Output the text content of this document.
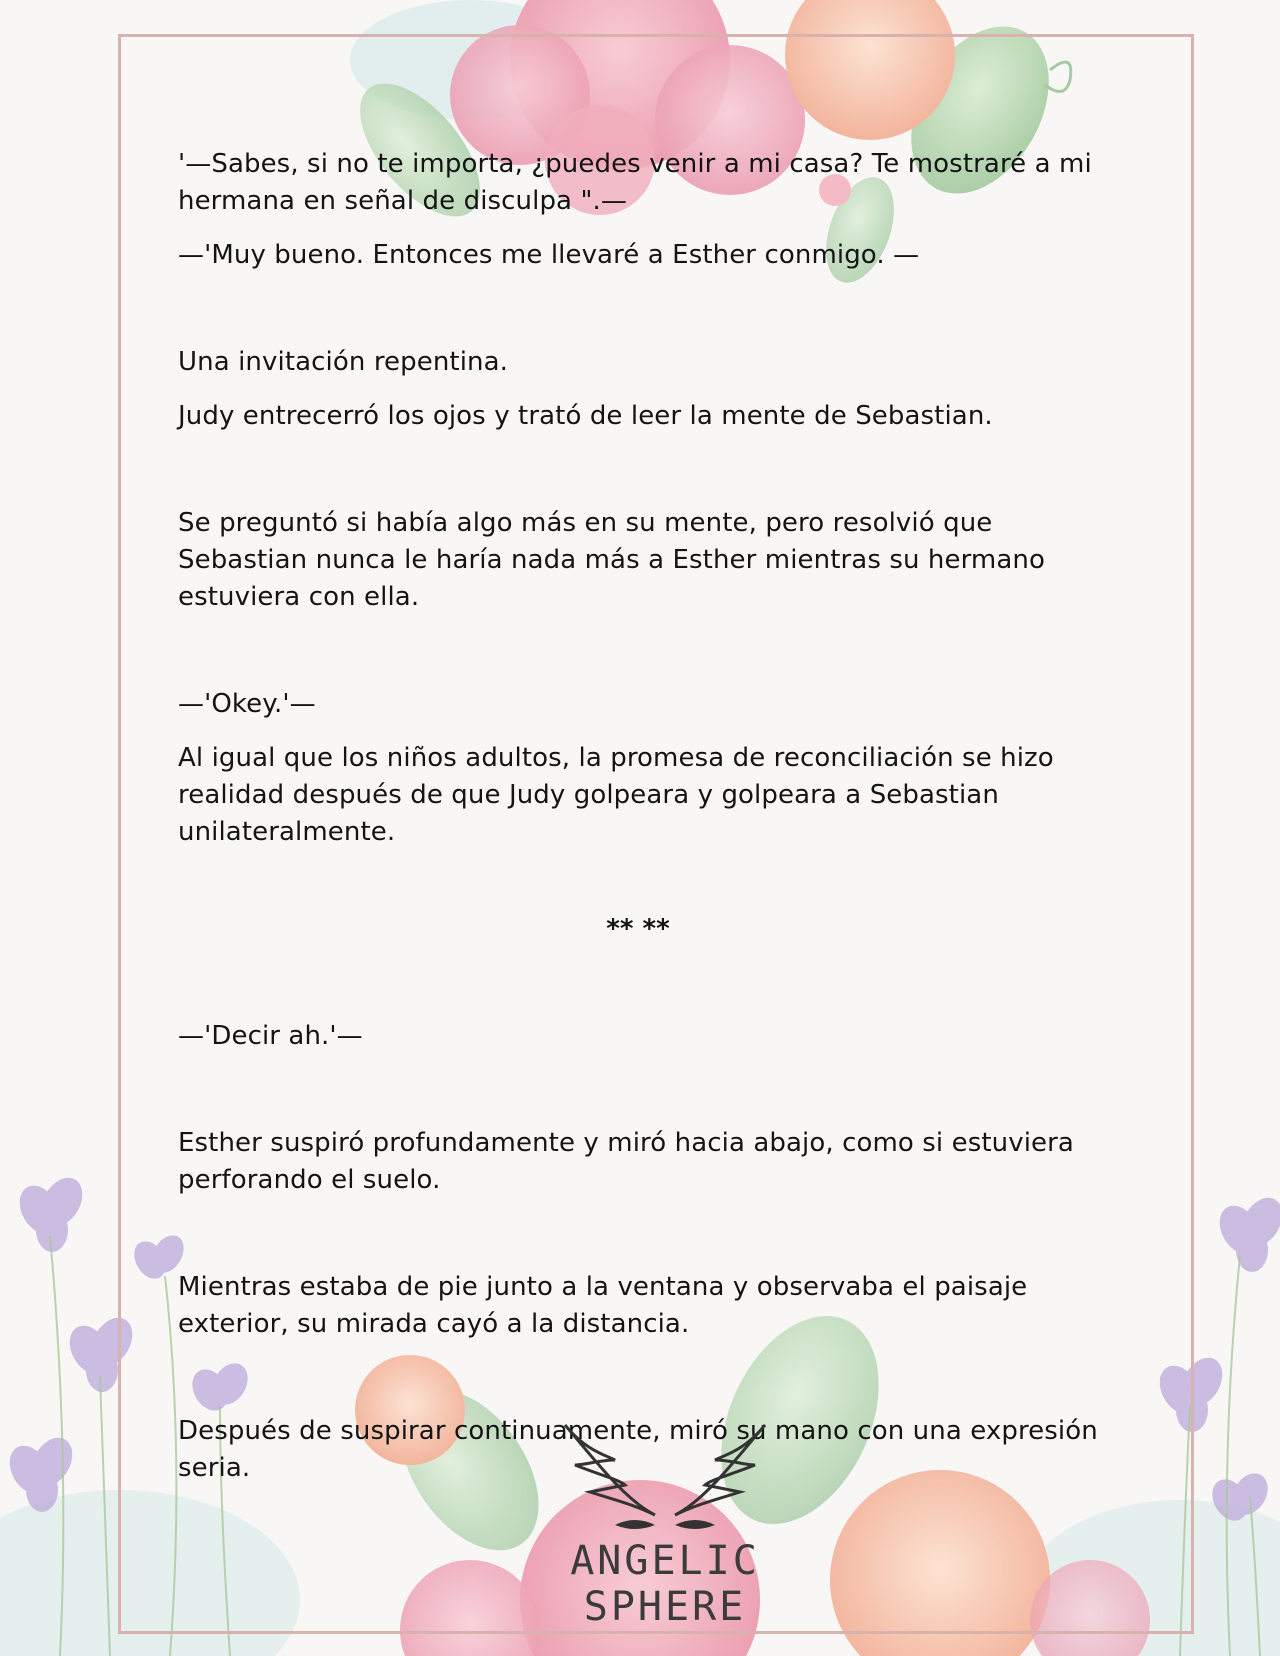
'—Sabes, si no te importa, ¿puedes venir a mi casa? Te mostraré a mi hermana en señal de disculpa ".—

—'Muy bueno. Entonces me llevaré a Esther conmigo. —

Una invitación repentina.

Judy entrecerró los ojos y trató de leer la mente de Sebastian.

Se preguntó si había algo más en su mente, pero resolvió que Sebastian nunca le haría nada más a Esther mientras su hermano estuviera con ella.

—'Okey.'—

Al igual que los niños adultos, la promesa de reconciliación se hizo realidad después de que Judy golpeara y golpeara a Sebastian unilateralmente.

** **

—'Decir ah.'—

Esther suspiró profundamente y miró hacia abajo, como si estuviera perforando el suelo.

Mientras estaba de pie junto a la ventana y observaba el paisaje exterior, su mirada cayó a la distancia.

Después de suspirar continuamente, miró su mano con una expresión seria.

ANGELIC SPHERE
